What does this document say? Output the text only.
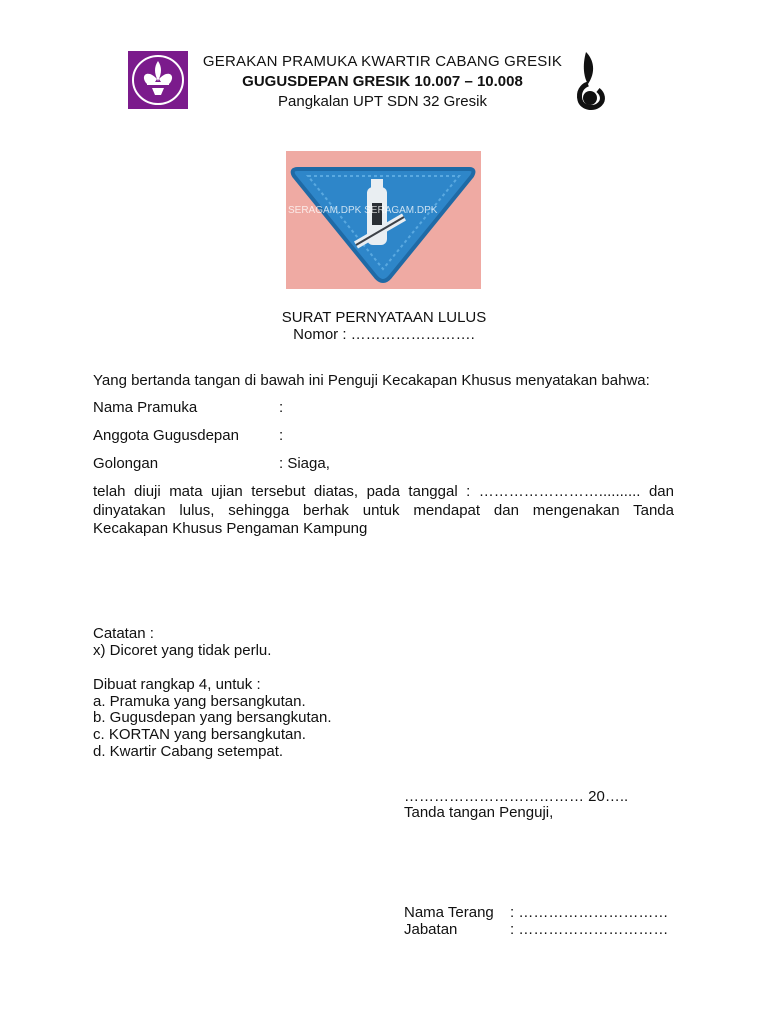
GERAKAN PRAMUKA KWARTIR CABANG GRESIK
GUGUSDEPAN GRESIK 10.007 – 10.008
Pangkalan UPT SDN 32 Gresik
SERAGAM.DPK SERAGAM.DPK
SURAT PERNYATAAN LULUS
Nomor : …………………….
Yang bertanda tangan di bawah ini Penguji Kecakapan Khusus menyatakan bahwa:
Nama Pramuka	:
Anggota Gugusdepan	:
Golongan	: Siaga,
telah diuji mata ujian tersebut diatas, pada tanggal : …………………….......... dan dinyatakan lulus, sehingga berhak untuk mendapat dan mengenakan Tanda Kecakapan Khusus Pengaman Kampung
Catatan :
x) Dicoret yang tidak perlu.
Dibuat rangkap 4, untuk :
a. Pramuka yang bersangkutan.
b. Gugusdepan yang bersangkutan.
c. KORTAN yang bersangkutan.
d. Kwartir Cabang setempat.
……………………………… 20…..
Tanda tangan Penguji,
Nama Terang : …………………………
Jabatan	: …………………………
